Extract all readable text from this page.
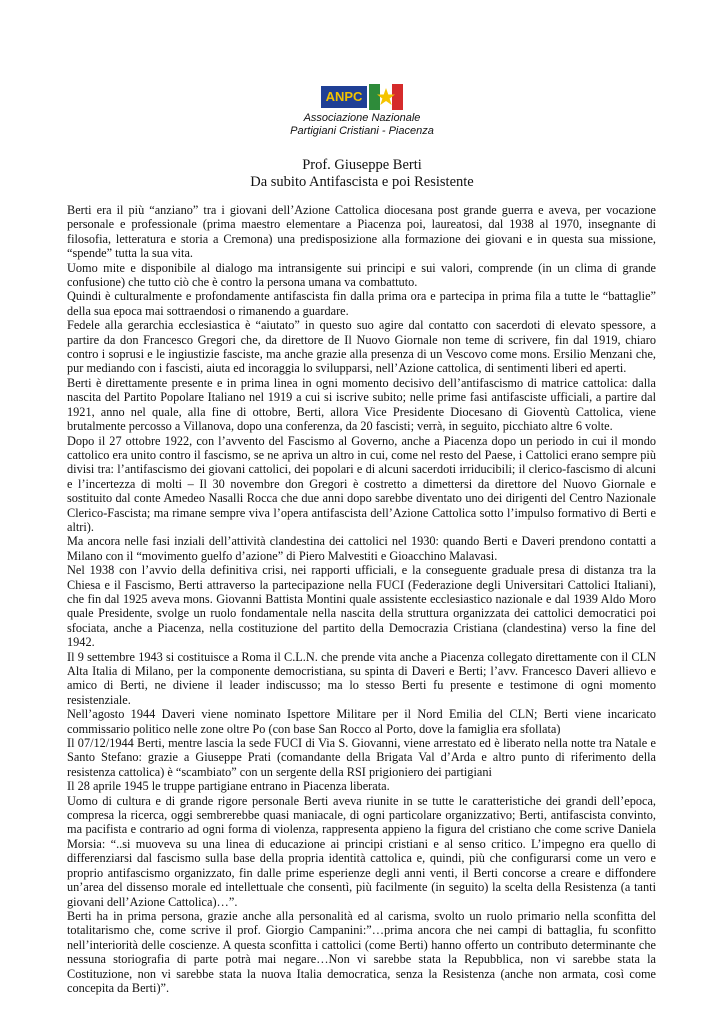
ANPC
Associazione Nazionale
Partigiani Cristiani - Piacenza
Prof. Giuseppe Berti
Da subito Antifascista e poi Resistente

Berti era il più “anziano” tra i giovani dell’Azione Cattolica diocesana post grande guerra e aveva, per vocazione personale e professionale (prima maestro elementare a Piacenza poi, laureatosi, dal 1938 al 1970, insegnante di filosofia, letteratura e storia a Cremona) una predisposizione alla formazione dei giovani e in questa sua missione, “spende” tutta la sua vita.

Uomo mite e disponibile al dialogo ma intransigente sui principi e sui valori, comprende (in un clima di grande confusione) che tutto ciò che è contro la persona umana va combattuto.

Quindi è culturalmente e profondamente antifascista fin dalla prima ora e partecipa in prima fila a tutte le “battaglie” della sua epoca mai sottraendosi o rimanendo a guardare.

Fedele alla gerarchia ecclesiastica è “aiutato” in questo suo agire dal contatto con sacerdoti di elevato spessore, a partire da don Francesco Gregori che, da direttore de Il Nuovo Giornale non teme di scrivere, fin dal 1919, chiaro contro i soprusi e le ingiustizie fasciste, ma anche grazie alla presenza di un Vescovo come mons. Ersilio Menzani che, pur mediando con i fascisti, aiuta ed incoraggia lo svilupparsi, nell’Azione cattolica, di sentimenti liberi ed aperti.

Berti è direttamente presente e in prima linea in ogni momento decisivo dell’antifascismo di matrice cattolica: dalla nascita del Partito Popolare Italiano nel 1919 a cui si iscrive subito; nelle prime fasi antifasciste ufficiali, a partire dal 1921, anno nel quale, alla fine di ottobre, Berti, allora Vice Presidente Diocesano di Gioventù Cattolica, viene brutalmente percosso a Villanova, dopo una conferenza, da 20 fascisti; verrà, in seguito, picchiato altre 6 volte.

Dopo il 27 ottobre 1922, con l’avvento del Fascismo al Governo, anche a Piacenza dopo un periodo in cui il mondo cattolico era unito contro il fascismo, se ne apriva un altro in cui, come nel resto del Paese, i Cattolici erano sempre più divisi tra: l’antifascismo dei giovani cattolici, dei popolari e di alcuni sacerdoti irriducibili; il clerico-fascismo di alcuni e l’incertezza di molti – Il 30 novembre don Gregori è costretto a dimettersi da direttore del Nuovo Giornale e sostituito dal conte Amedeo Nasalli Rocca che due anni dopo sarebbe diventato uno dei dirigenti del Centro Nazionale Clerico-Fascista; ma rimane sempre viva l’opera antifascista dell’Azione Cattolica sotto l’impulso formativo di Berti e altri).

Ma ancora nelle fasi inziali dell’attività clandestina dei cattolici nel 1930: quando Berti e Daveri prendono contatti a Milano con il “movimento guelfo d’azione” di Piero Malvestiti e Gioacchino Malavasi.

Nel 1938 con l’avvio della definitiva crisi, nei rapporti ufficiali, e la conseguente graduale presa di distanza tra la Chiesa e il Fascismo, Berti attraverso la partecipazione nella FUCI (Federazione degli Universitari Cattolici Italiani), che fin dal 1925 aveva mons. Giovanni Battista Montini quale assistente ecclesiastico nazionale e dal 1939 Aldo Moro quale Presidente, svolge un ruolo fondamentale nella nascita della struttura organizzata dei cattolici democratici poi sfociata, anche a Piacenza, nella costituzione del partito della Democrazia Cristiana (clandestina) verso la fine del 1942.

Il 9 settembre 1943 si costituisce a Roma il C.L.N. che prende vita anche a Piacenza collegato direttamente con il CLN Alta Italia di Milano, per la componente democristiana, su spinta di Daveri e Berti; l’avv. Francesco Daveri allievo e amico di Berti, ne diviene il leader indiscusso; ma lo stesso Berti fu presente e testimone di ogni momento resistenziale.

Nell’agosto 1944 Daveri viene nominato Ispettore Militare per il Nord Emilia del CLN; Berti viene incaricato commissario politico nelle zone oltre Po (con base San Rocco al Porto, dove la famiglia era sfollata)

Il 07/12/1944 Berti, mentre lascia la sede FUCI di Via S. Giovanni, viene arrestato ed è liberato nella notte tra Natale e Santo Stefano: grazie a Giuseppe Prati (comandante della Brigata Val d’Arda e altro punto di riferimento della resistenza cattolica) è “scambiato” con un sergente della RSI prigioniero dei partigiani

Il 28 aprile 1945 le truppe partigiane entrano in Piacenza liberata.

Uomo di cultura e di grande rigore personale Berti aveva riunite in se tutte le caratteristiche dei grandi dell’epoca, compresa la ricerca, oggi sembrerebbe quasi maniacale, di ogni particolare organizzativo; Berti, antifascista convinto, ma pacifista e contrario ad ogni forma di violenza, rappresenta appieno la figura del cristiano che come scrive Daniela Morsia: “..si muoveva su una linea di educazione ai principi cristiani e al senso critico. L’impegno era quello di differenziarsi dal fascismo sulla base della propria identità cattolica e, quindi, più che configurarsi come un vero e proprio antifascismo organizzato, fin dalle prime esperienze degli anni venti, il Berti concorse a creare e diffondere un’area del dissenso morale ed intellettuale che consentì, più facilmente (in seguito) la scelta della Resistenza (a tanti giovani dell’Azione Cattolica)…”.

Berti ha in prima persona, grazie anche alla personalità ed al carisma, svolto un ruolo primario nella sconfitta del totalitarismo che, come scrive il prof. Giorgio Campanini:”…prima ancora che nei campi di battaglia, fu sconfitto nell’interiorità delle coscienze. A questa sconfitta i cattolici (come Berti) hanno offerto un contributo determinante che nessuna storiografia di parte potrà mai negare…Non vi sarebbe stata la Repubblica, non vi sarebbe stata la Costituzione, non vi sarebbe stata la nuova Italia democratica, senza la Resistenza (anche non armata, così come concepita da Berti)”.
